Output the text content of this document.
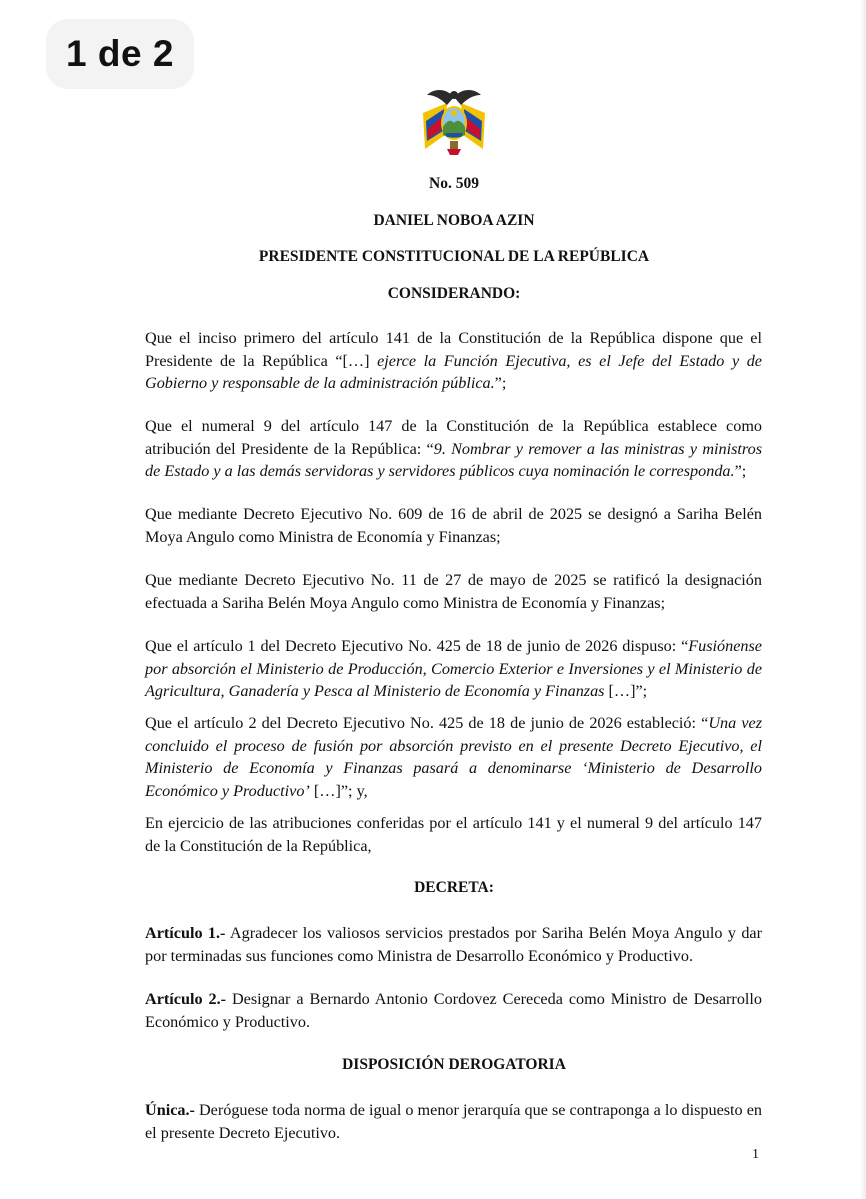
1 de 2
No. 509
DANIEL NOBOA AZIN
PRESIDENTE CONSTITUCIONAL DE LA REPÚBLICA
CONSIDERANDO:
Que el inciso primero del artículo 141 de la Constitución de la República dispone que el Presidente de la República “[…] ejerce la Función Ejecutiva, es el Jefe del Estado y de Gobierno y responsable de la administración pública.”;
Que el numeral 9 del artículo 147 de la Constitución de la República establece como atribución del Presidente de la República: “9. Nombrar y remover a las ministras y ministros de Estado y a las demás servidoras y servidores públicos cuya nominación le corresponda.”;
Que mediante Decreto Ejecutivo No. 609 de 16 de abril de 2025 se designó a Sariha Belén Moya Angulo como Ministra de Economía y Finanzas;
Que mediante Decreto Ejecutivo No. 11 de 27 de mayo de 2025 se ratificó la designación efectuada a Sariha Belén Moya Angulo como Ministra de Economía y Finanzas;
Que el artículo 1 del Decreto Ejecutivo No. 425 de 18 de junio de 2026 dispuso: “Fusiónense por absorción el Ministerio de Producción, Comercio Exterior e Inversiones y el Ministerio de Agricultura, Ganadería y Pesca al Ministerio de Economía y Finanzas […]”;
Que el artículo 2 del Decreto Ejecutivo No. 425 de 18 de junio de 2026 estableció: “Una vez concluido el proceso de fusión por absorción previsto en el presente Decreto Ejecutivo, el Ministerio de Economía y Finanzas pasará a denominarse ‘Ministerio de Desarrollo Económico y Productivo’ […]”; y,
En ejercicio de las atribuciones conferidas por el artículo 141 y el numeral 9 del artículo 147 de la Constitución de la República,
DECRETA:
Artículo 1.- Agradecer los valiosos servicios prestados por Sariha Belén Moya Angulo y dar por terminadas sus funciones como Ministra de Desarrollo Económico y Productivo.
Artículo 2.- Designar a Bernardo Antonio Cordovez Cereceda como Ministro de Desarrollo Económico y Productivo.
DISPOSICIÓN DEROGATORIA
Única.- Deróguese toda norma de igual o menor jerarquía que se contraponga a lo dispuesto en el presente Decreto Ejecutivo.
1
